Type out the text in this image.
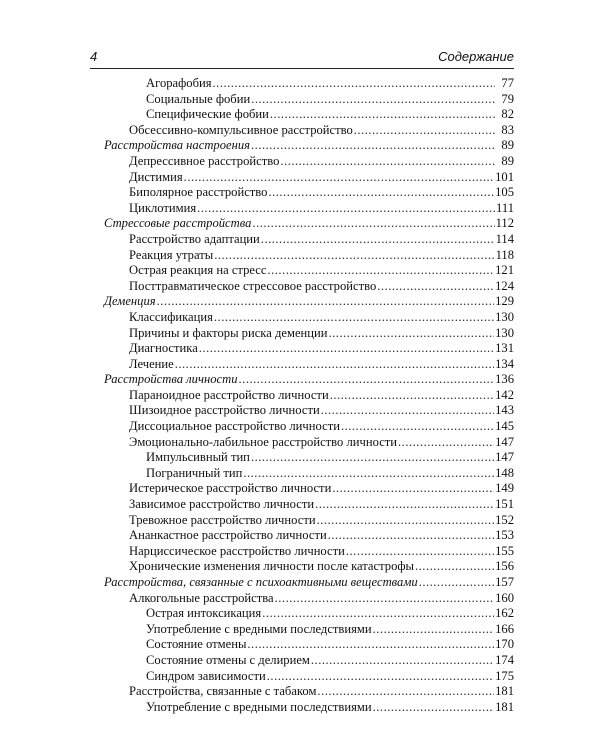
4	Содержание
Агорафобия .....	77
Социальные фобии .....	79
Специфические фобии .....	82
Обсессивно-компульсивное расстройство .....	83
Расстройства настроения .....	89
Депрессивное расстройство .....	89
Дистимия .....	101
Биполярное расстройство .....	105
Циклотимия .....	111
Стрессовые расстройства .....	112
Расстройство адаптации .....	114
Реакция утраты .....	118
Острая реакция на стресс .....	121
Посттравматическое стрессовое расстройство .....	124
Деменция .....	129
Классификация .....	130
Причины и факторы риска деменции .....	130
Диагностика .....	131
Лечение .....	134
Расстройства личности .....	136
Параноидное расстройство личности .....	142
Шизоидное расстройство личности .....	143
Диссоциальное расстройство личности .....	145
Эмоционально-лабильное расстройство личности .....	147
Импульсивный тип .....	147
Пограничный тип .....	148
Истерическое расстройство личности .....	149
Зависимое расстройство личности .....	151
Тревожное расстройство личности .....	152
Ананкастное расстройство личности .....	153
Нарциссическое расстройство личности .....	155
Хронические изменения личности после катастрофы .....	156
Расстройства, связанные с психоактивными веществами .....	157
Алкогольные расстройства .....	160
Острая интоксикация .....	162
Употребление с вредными последствиями .....	166
Состояние отмены .....	170
Состояние отмены с делирием .....	174
Синдром зависимости .....	175
Расстройства, связанные с табаком .....	181
Употребление с вредными последствиями .....	181
